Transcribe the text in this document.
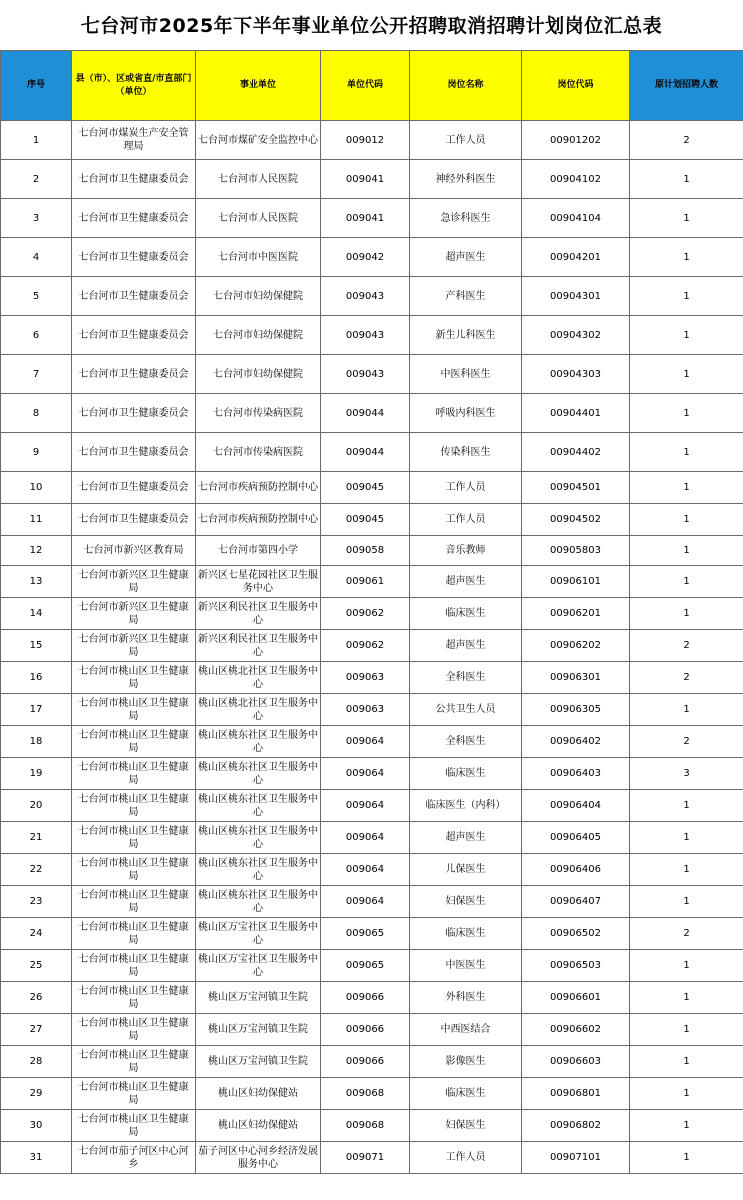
七台河市2025年下半年事业单位公开招聘取消招聘计划岗位汇总表
序号	县（市）、区或省直/市直部门（单位）	事业单位	单位代码	岗位名称	岗位代码	原计划招聘人数
1	七台河市煤炭生产安全管理局	七台河市煤矿安全监控中心	009012	工作人员	00901202	2
2	七台河市卫生健康委员会	七台河市人民医院	009041	神经外科医生	00904102	1
3	七台河市卫生健康委员会	七台河市人民医院	009041	急诊科医生	00904104	1
4	七台河市卫生健康委员会	七台河市中医医院	009042	超声医生	00904201	1
5	七台河市卫生健康委员会	七台河市妇幼保健院	009043	产科医生	00904301	1
6	七台河市卫生健康委员会	七台河市妇幼保健院	009043	新生儿科医生	00904302	1
7	七台河市卫生健康委员会	七台河市妇幼保健院	009043	中医科医生	00904303	1
8	七台河市卫生健康委员会	七台河市传染病医院	009044	呼吸内科医生	00904401	1
9	七台河市卫生健康委员会	七台河市传染病医院	009044	传染科医生	00904402	1
10	七台河市卫生健康委员会	七台河市疾病预防控制中心	009045	工作人员	00904501	1
11	七台河市卫生健康委员会	七台河市疾病预防控制中心	009045	工作人员	00904502	1
12	七台河市新兴区教育局	七台河市第四小学	009058	音乐教师	00905803	1
13	七台河市新兴区卫生健康局	新兴区七星花园社区卫生服务中心	009061	超声医生	00906101	1
14	七台河市新兴区卫生健康局	新兴区利民社区卫生服务中心	009062	临床医生	00906201	1
15	七台河市新兴区卫生健康局	新兴区利民社区卫生服务中心	009062	超声医生	00906202	2
16	七台河市桃山区卫生健康局	桃山区桃北社区卫生服务中心	009063	全科医生	00906301	2
17	七台河市桃山区卫生健康局	桃山区桃北社区卫生服务中心	009063	公共卫生人员	00906305	1
18	七台河市桃山区卫生健康局	桃山区桃东社区卫生服务中心	009064	全科医生	00906402	2
19	七台河市桃山区卫生健康局	桃山区桃东社区卫生服务中心	009064	临床医生	00906403	3
20	七台河市桃山区卫生健康局	桃山区桃东社区卫生服务中心	009064	临床医生（内科）	00906404	1
21	七台河市桃山区卫生健康局	桃山区桃东社区卫生服务中心	009064	超声医生	00906405	1
22	七台河市桃山区卫生健康局	桃山区桃东社区卫生服务中心	009064	儿保医生	00906406	1
23	七台河市桃山区卫生健康局	桃山区桃东社区卫生服务中心	009064	妇保医生	00906407	1
24	七台河市桃山区卫生健康局	桃山区万宝社区卫生服务中心	009065	临床医生	00906502	2
25	七台河市桃山区卫生健康局	桃山区万宝社区卫生服务中心	009065	中医医生	00906503	1
26	七台河市桃山区卫生健康局	桃山区万宝河镇卫生院	009066	外科医生	00906601	1
27	七台河市桃山区卫生健康局	桃山区万宝河镇卫生院	009066	中西医结合	00906602	1
28	七台河市桃山区卫生健康局	桃山区万宝河镇卫生院	009066	影像医生	00906603	1
29	七台河市桃山区卫生健康局	桃山区妇幼保健站	009068	临床医生	00906801	1
30	七台河市桃山区卫生健康局	桃山区妇幼保健站	009068	妇保医生	00906802	1
31	七台河市茄子河区中心河乡	茄子河区中心河乡经济发展服务中心	009071	工作人员	00907101	1
